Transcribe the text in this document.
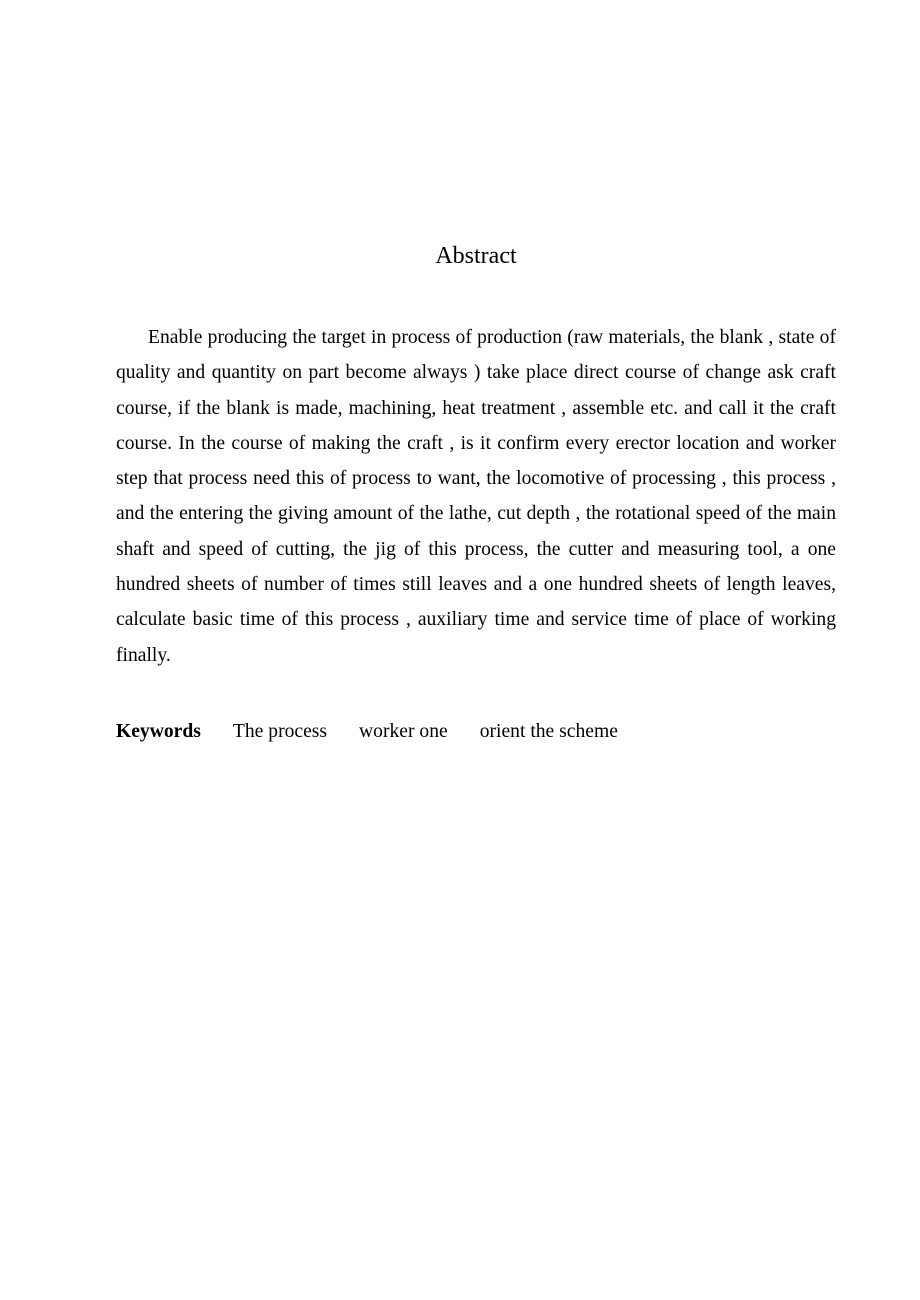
Abstract

Enable producing the target in process of production (raw materials, the blank , state of quality and quantity on part become always ) take place direct course of change ask craft course, if the blank is made, machining, heat treatment , assemble etc. and call it the craft course. In the course of making the craft , is it confirm every erector location and worker step that process need this of process to want, the locomotive of processing , this process , and the entering the giving amount of the lathe, cut depth , the rotational speed of the main shaft and speed of cutting, the jig of this process, the cutter and measuring tool, a one hundred sheets of number of times still leaves and a one hundred sheets of length leaves, calculate basic time of this process , auxiliary time and service time of place of working finally.

Keywords The process worker one orient the scheme
